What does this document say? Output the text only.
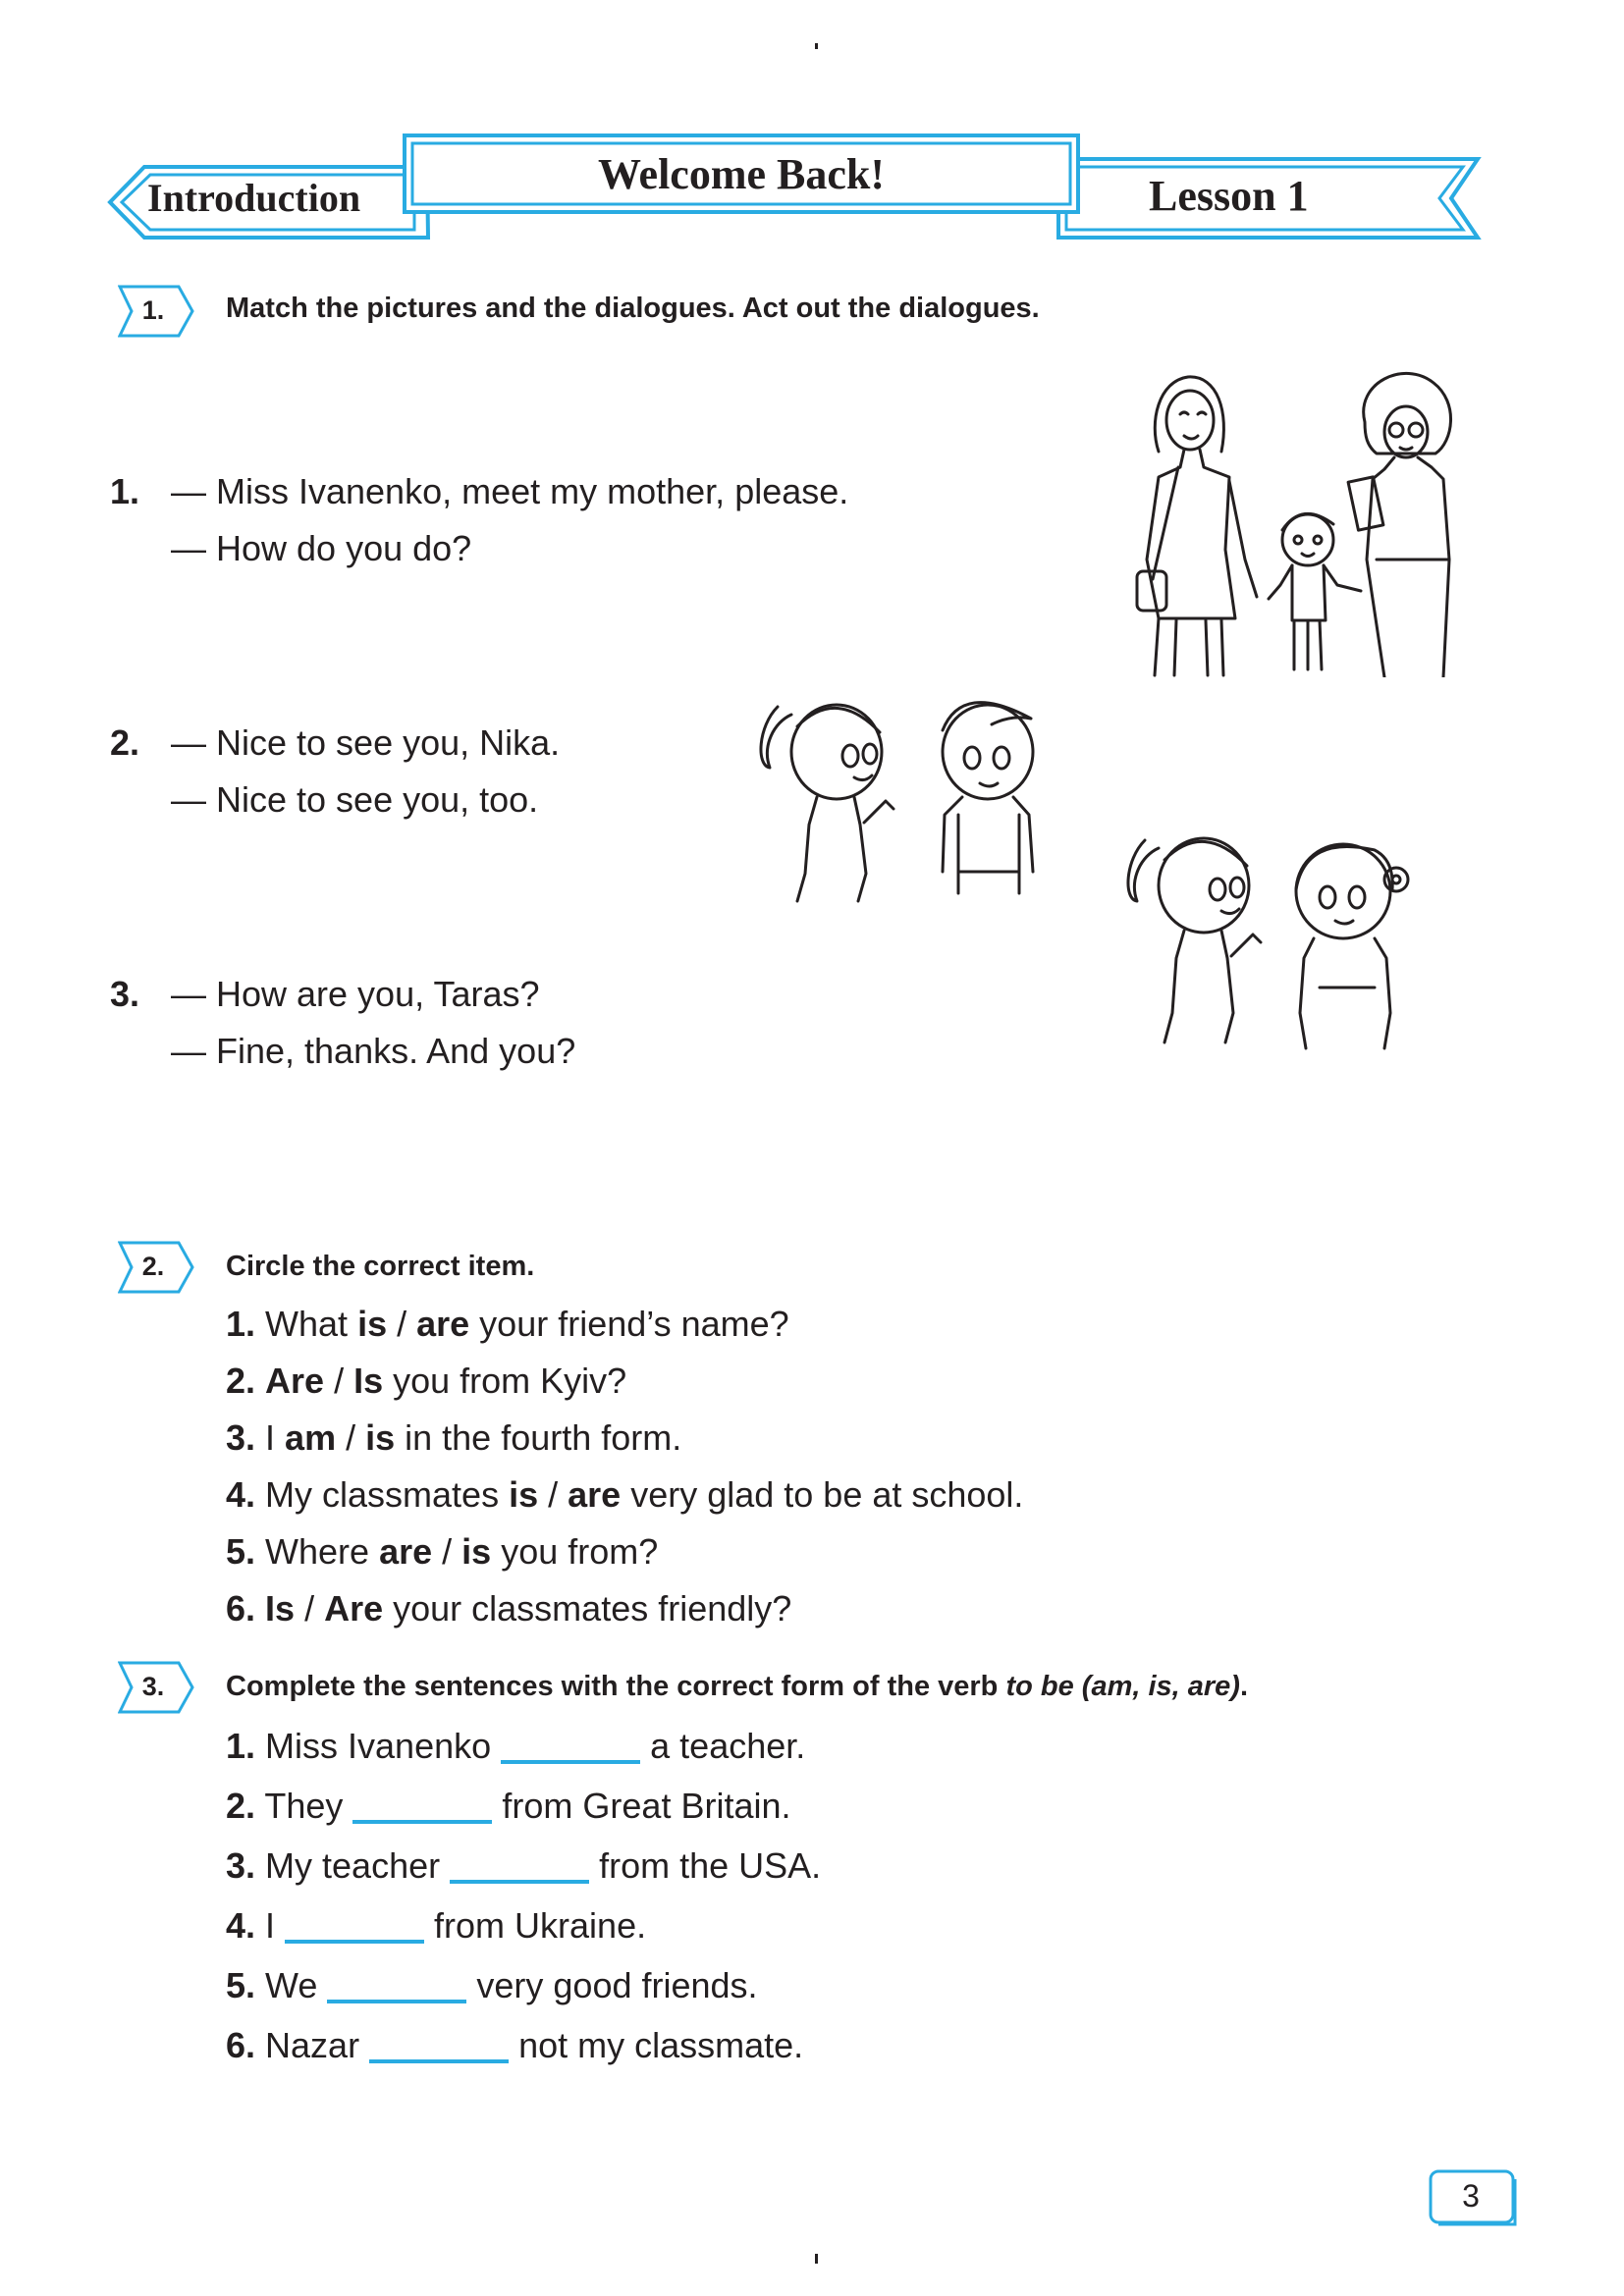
Introduction	Welcome Back!	Lesson 1
1.	Match the pictures and the dialogues. Act out the dialogues.
1. — Miss Ivanenko, meet my mother, please.
— How do you do?
2. — Nice to see you, Nika.
— Nice to see you, too.
3. — How are you, Taras?
— Fine, thanks. And you?
2.	Circle the correct item.
1. What is / are your friend’s name?
2. Are / Is you from Kyiv?
3. I am / is in the fourth form.
4. My classmates is / are very glad to be at school.
5. Where are / is you from?
6. Is / Are your classmates friendly?
3.	Complete the sentences with the correct form of the verb to be (am, is, are).
1. Miss Ivanenko	a teacher.
2. They	from Great Britain.
3. My teacher	from the USA.
4. I	from Ukraine.
5. We	very good friends.
6. Nazar	not my classmate.
3
